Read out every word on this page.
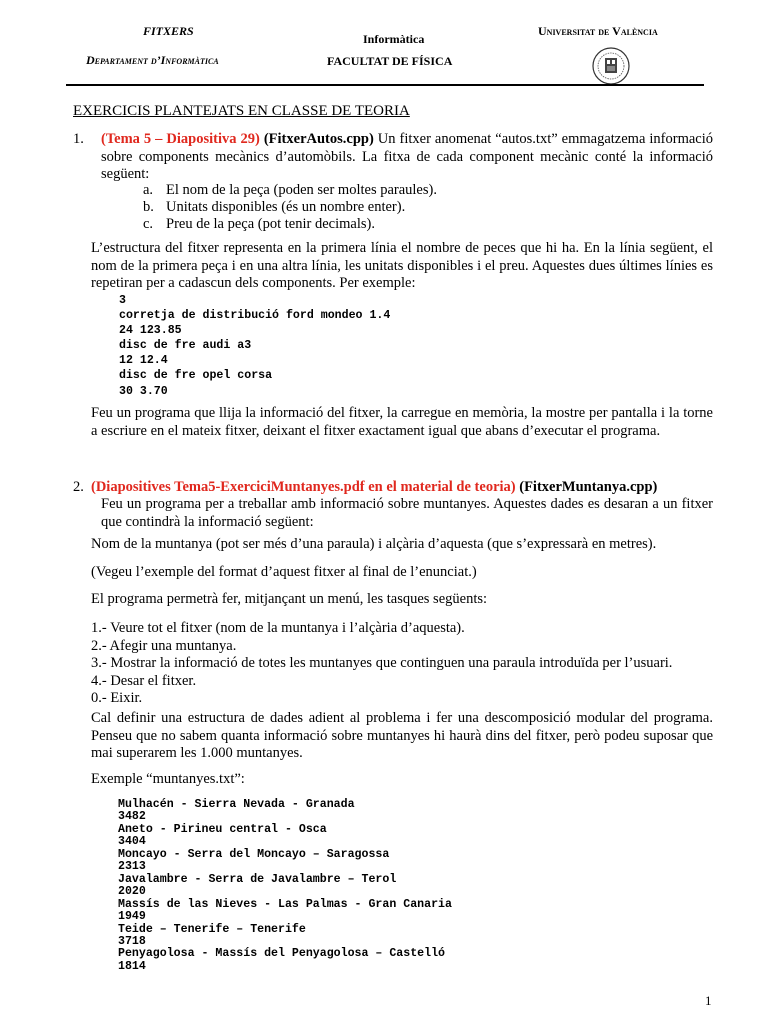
FITXERS
Departament d’Informàtica
Informàtica
FACULTAT DE FÍSICA
Universitat de València
EXERCICIS PLANTEJATS EN CLASSE DE TEORIA
1. (Tema 5 – Diapositiva 29) (FitxerAutos.cpp) Un fitxer anomenat “autos.txt” emmagatzema informació sobre components mecànics d’automòbils. La fitxa de cada component mecànic conté la informació següent:
a. El nom de la peça (poden ser moltes paraules).
b. Unitats disponibles (és un nombre enter).
c. Preu de la peça (pot tenir decimals).
L’estructura del fitxer representa en la primera línia el nombre de peces que hi ha. En la línia següent, el nom de la primera peça i en una altra línia, les unitats disponibles i el preu. Aquestes dues últimes línies es repetiran per a cadascun dels components. Per exemple:
3
corretja de distribució ford mondeo 1.4
24 123.85
disc de fre audi a3
12 12.4
disc de fre opel corsa
30 3.70
Feu un programa que llija la informació del fitxer, la carregue en memòria, la mostre per pantalla i la torne a escriure en el mateix fitxer, deixant el fitxer exactament igual que abans d’executar el programa.
2. (Diapositives Tema5-ExerciciMuntanyes.pdf en el material de teoria) (FitxerMuntanya.cpp)
Feu un programa per a treballar amb informació sobre muntanyes. Aquestes dades es desaran a un fitxer que contindrà la informació següent:
Nom de la muntanya (pot ser més d’una paraula) i alçària d’aquesta (que s’expressarà en metres).
(Vegeu l’exemple del format d’aquest fitxer al final de l’enunciat.)
El programa permetrà fer, mitjançant un menú, les tasques següents:
1.- Veure tot el fitxer (nom de la muntanya i l’alçària d’aquesta).
2.- Afegir una muntanya.
3.- Mostrar la informació de totes les muntanyes que continguen una paraula introduïda per l’usuari.
4.- Desar el fitxer.
0.- Eixir.
Cal definir una estructura de dades adient al problema i fer una descomposició modular del programa. Penseu que no sabem quanta informació sobre muntanyes hi haurà dins del fitxer, però podeu suposar que mai superarem les 1.000 muntanyes.
Exemple “muntanyes.txt”:
Mulhacén - Sierra Nevada - Granada
3482
Aneto - Pirineu central - Osca
3404
Moncayo - Serra del Moncayo – Saragossa
2313
Javalambre - Serra de Javalambre – Terol
2020
Massís de las Nieves - Las Palmas - Gran Canaria
1949
Teide – Tenerife – Tenerife
3718
Penyagolosa - Massís del Penyagolosa – Castelló
1814
1
